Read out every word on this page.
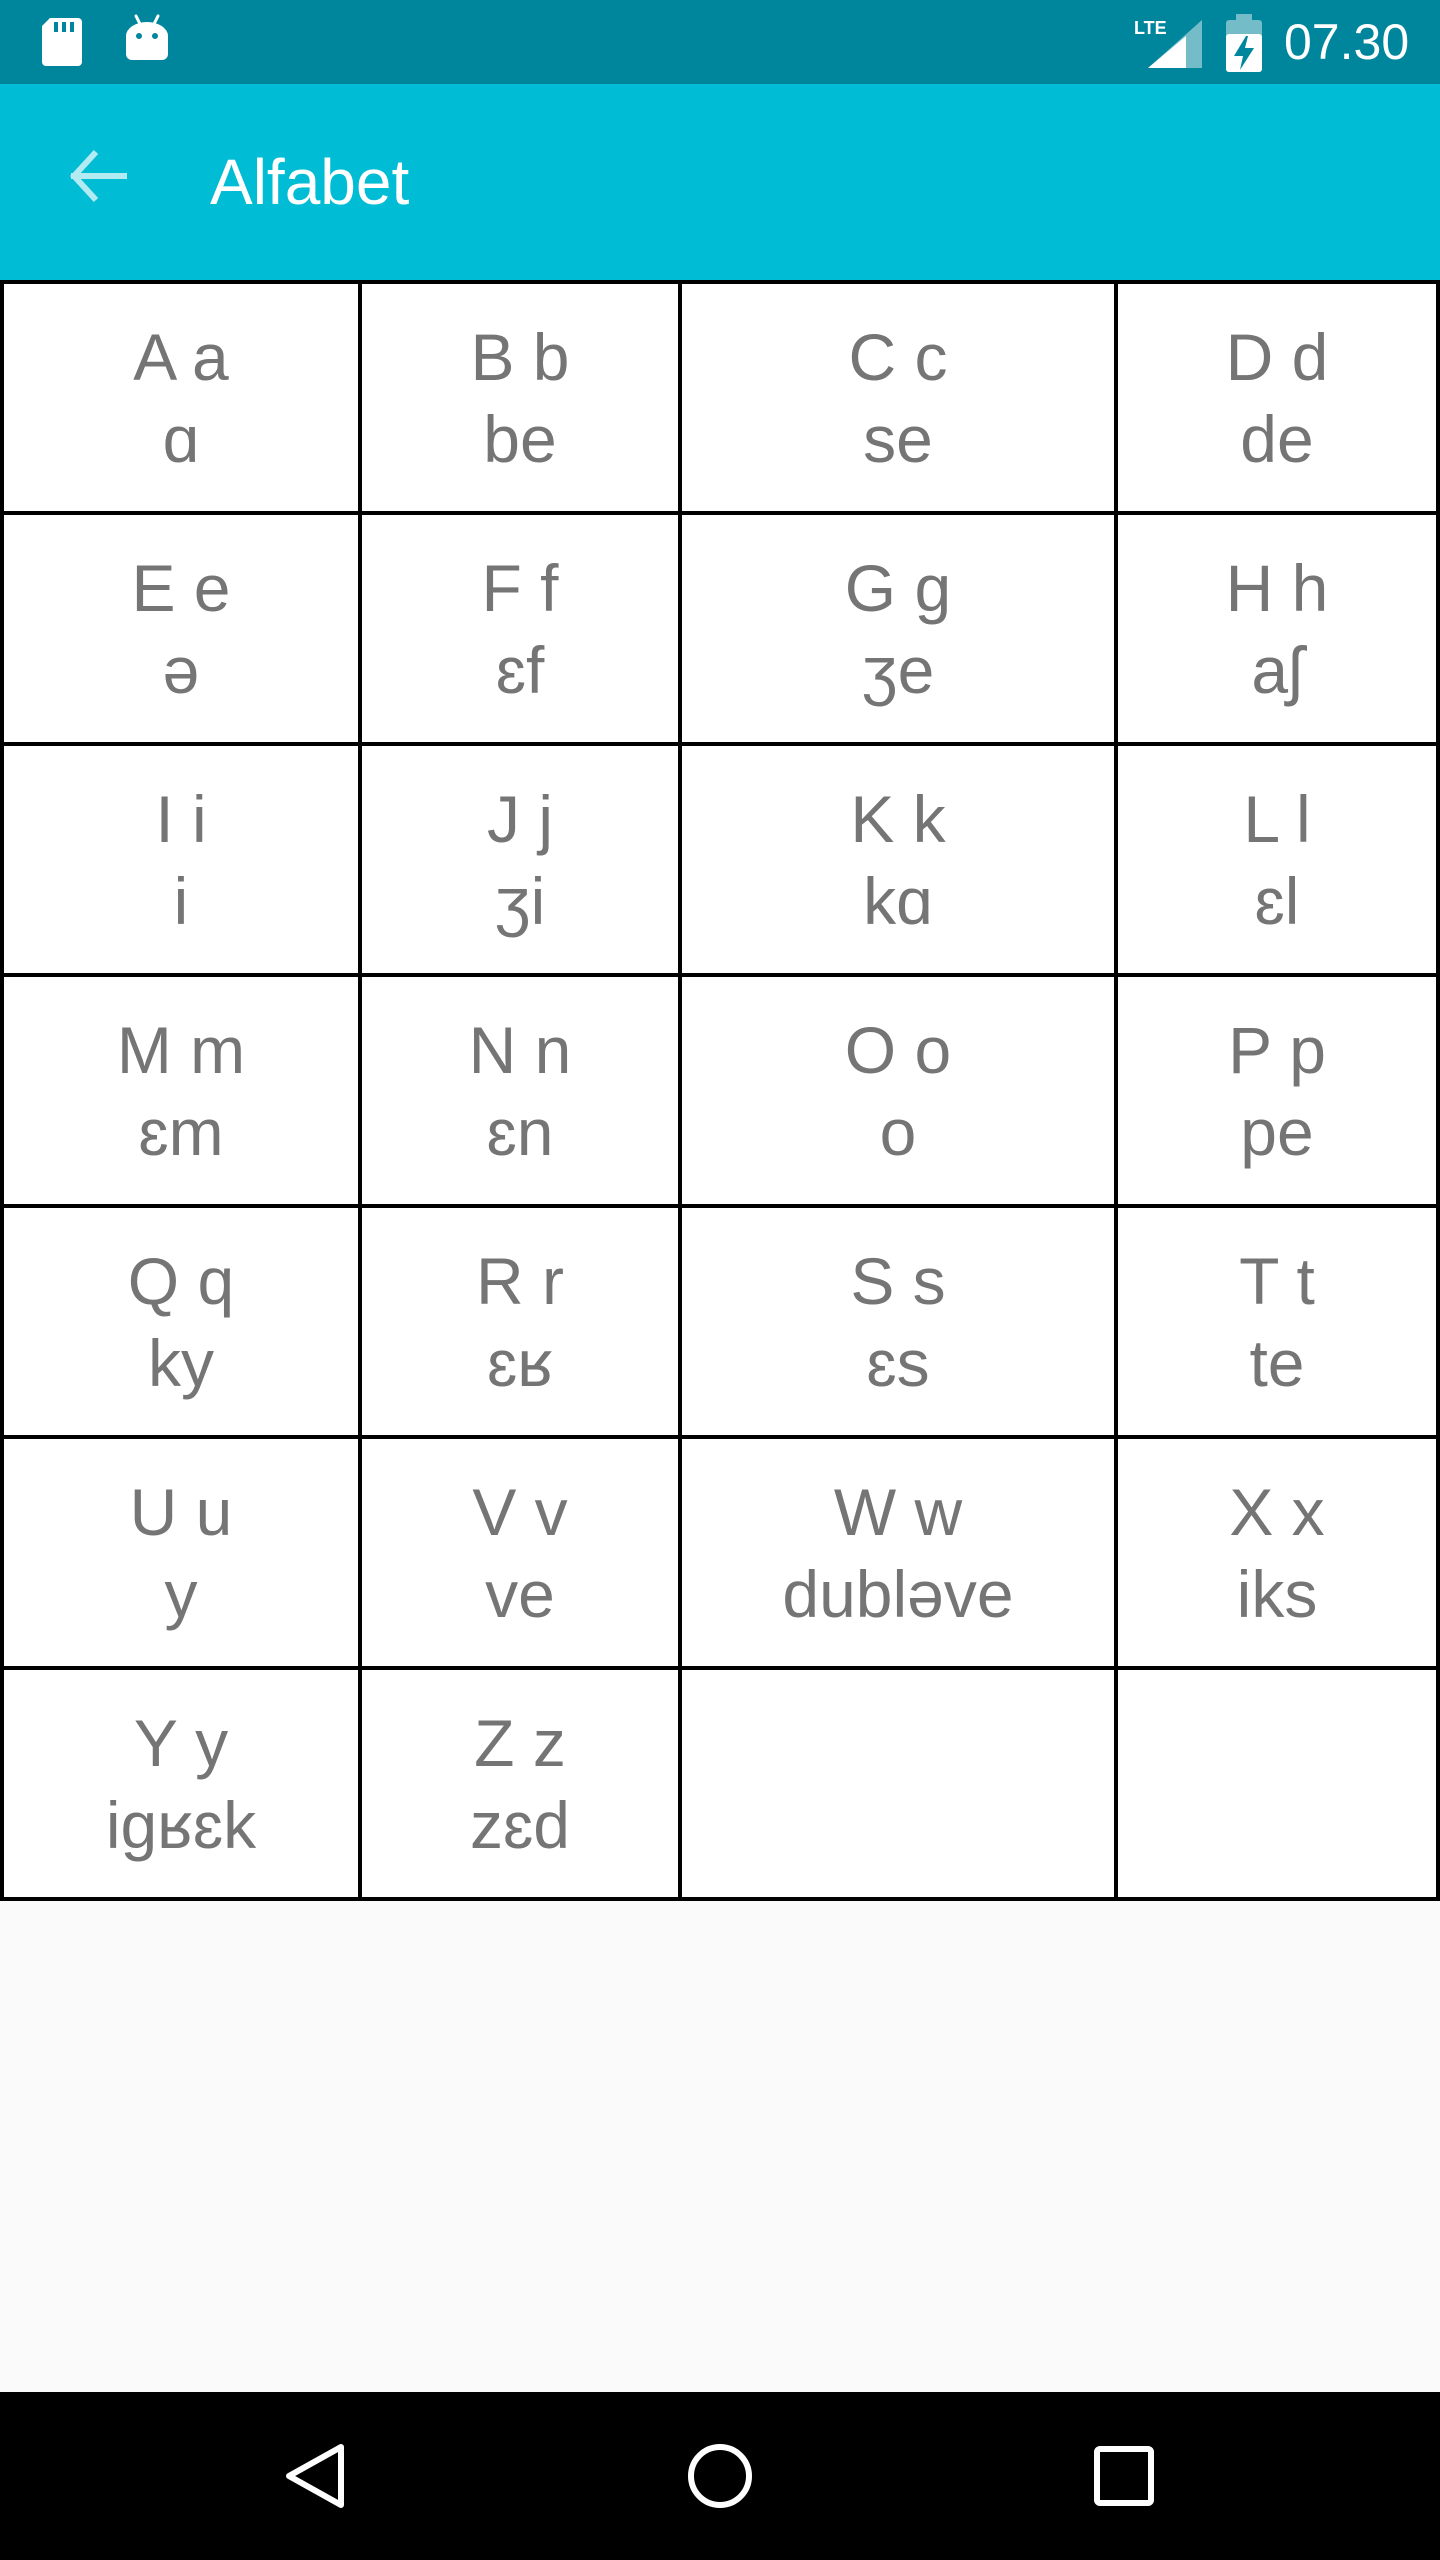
LTE 07.30
Alfabet
A a
ɑ
B b
be
C c
se
D d
de
E e
ə
F f
ɛf
G g
ʒe
H h
aʃ
I i
i
J j
ʒi
K k
kɑ
L l
ɛl
M m
ɛm
N n
ɛn
O o
o
P p
pe
Q q
ky
R r
ɛʁ
S s
ɛs
T t
te
U u
y
V v
ve
W w
dubləve
X x
iks
Y y
igʁɛk
Z z
zɛd
